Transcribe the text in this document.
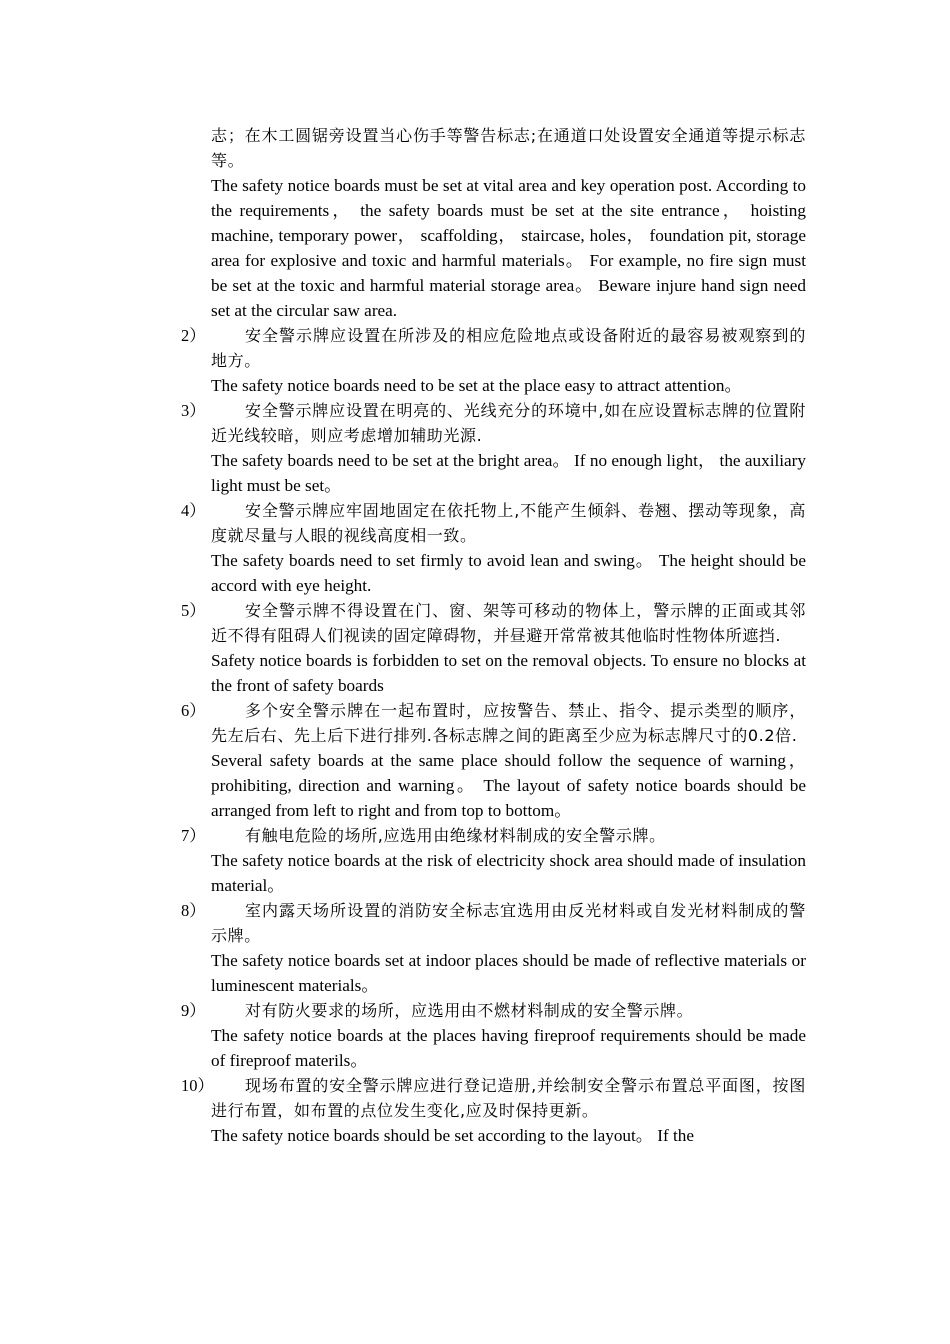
志；在木工圆锯旁设置当心伤手等警告标志;在通道口处设置安全通道等提示标志等。

The safety notice boards must be set at vital area and key operation post. According to the requirements， the safety boards must be set at the site entrance， hoisting machine, temporary power， scaffolding， staircase, holes， foundation pit, storage area for explosive and toxic and harmful materials。 For example, no fire sign must be set at the toxic and harmful material storage area。 Beware injure hand sign need set at the circular saw area.

2）	安全警示牌应设置在所涉及的相应危险地点或设备附近的最容易被观察到的地方。

The safety notice boards need to be set at the place easy to attract attention。

3）	安全警示牌应设置在明亮的、光线充分的环境中,如在应设置标志牌的位置附近光线较暗，则应考虑增加辅助光源.

The safety boards need to be set at the bright area。 If no enough light， the auxiliary light must be set。

4）	安全警示牌应牢固地固定在依托物上,不能产生倾斜、卷翘、摆动等现象，高度就尽量与人眼的视线高度相一致。

The safety boards need to set firmly to avoid lean and swing。 The height should be accord with eye height.

5）	安全警示牌不得设置在门、窗、架等可移动的物体上，警示牌的正面或其邻近不得有阻碍人们视读的固定障碍物，并昼避开常常被其他临时性物体所遮挡.

Safety notice boards is forbidden to set on the removal objects. To ensure no blocks at the front of safety boards

6）	多个安全警示牌在一起布置时，应按警告、禁止、指令、提示类型的顺序，先左后右、先上后下进行排列.各标志牌之间的距离至少应为标志牌尺寸的0.2倍.

Several safety boards at the same place should follow the sequence of warning， prohibiting, direction and warning。 The layout of safety notice boards should be arranged from left to right and from top to bottom。

7）	有触电危险的场所,应选用由绝缘材料制成的安全警示牌。

The safety notice boards at the risk of electricity shock area should made of insulation material。

8）	室内露天场所设置的消防安全标志宜选用由反光材料或自发光材料制成的警示牌。

The safety notice boards set at indoor places should be made of reflective materials or luminescent materials。

9）	对有防火要求的场所，应选用由不燃材料制成的安全警示牌。

The safety notice boards at the places having fireproof requirements should be made of fireproof materils。

10）	现场布置的安全警示牌应进行登记造册,并绘制安全警示布置总平面图，按图进行布置，如布置的点位发生变化,应及时保持更新。

The safety notice boards should be set according to the layout。 If the
